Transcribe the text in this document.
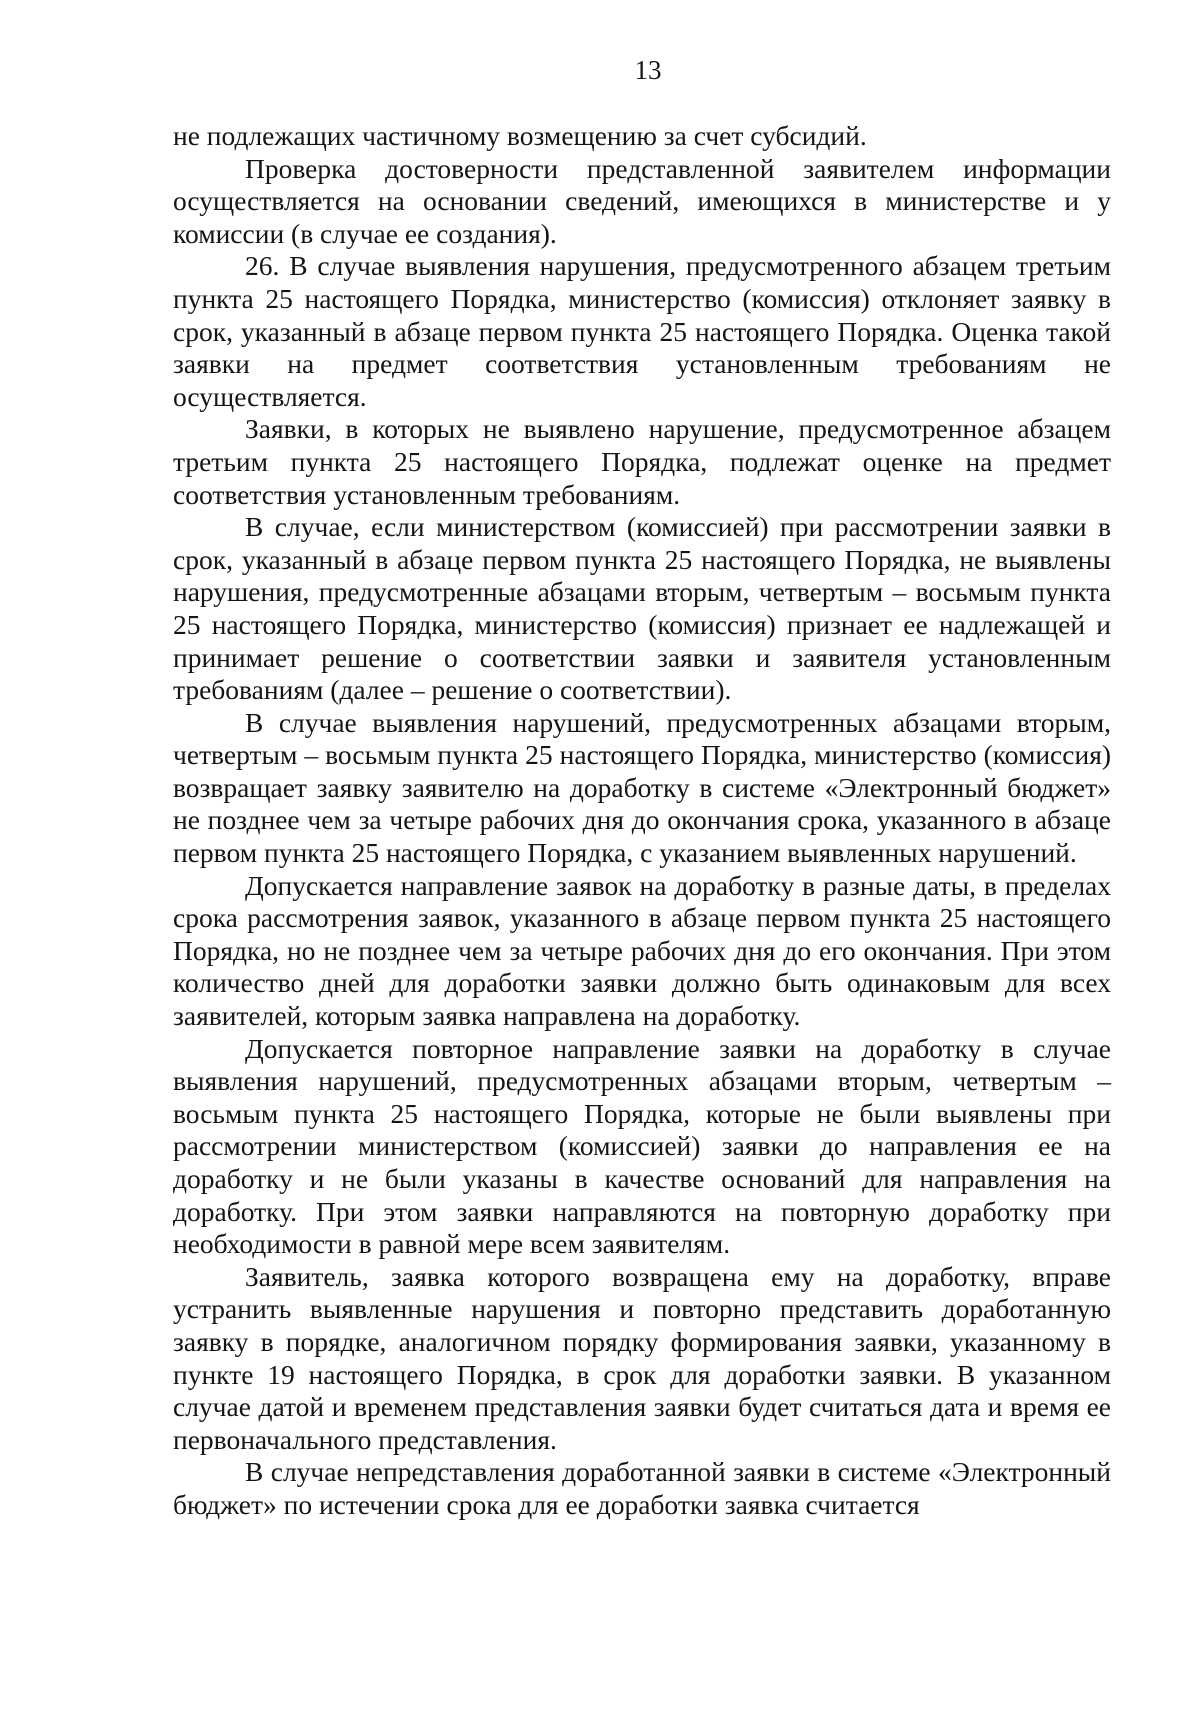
13

не подлежащих частичному возмещению за счет субсидий.

Проверка достоверности представленной заявителем информации осуществляется на основании сведений, имеющихся в министерстве и у комиссии (в случае ее создания).

26. В случае выявления нарушения, предусмотренного абзацем третьим пункта 25 настоящего Порядка, министерство (комиссия) отклоняет заявку в срок, указанный в абзаце первом пункта 25 настоящего Порядка. Оценка такой заявки на предмет соответствия установленным требованиям не осуществляется.

Заявки, в которых не выявлено нарушение, предусмотренное абзацем третьим пункта 25 настоящего Порядка, подлежат оценке на предмет соответствия установленным требованиям.

В случае, если министерством (комиссией) при рассмотрении заявки в срок, указанный в абзаце первом пункта 25 настоящего Порядка, не выявлены нарушения, предусмотренные абзацами вторым, четвертым – восьмым пункта 25 настоящего Порядка, министерство (комиссия) признает ее надлежащей и принимает решение о соответствии заявки и заявителя установленным требованиям (далее – решение о соответствии).

В случае выявления нарушений, предусмотренных абзацами вторым, четвертым – восьмым пункта 25 настоящего Порядка, министерство (комиссия) возвращает заявку заявителю на доработку в системе «Электронный бюджет» не позднее чем за четыре рабочих дня до окончания срока, указанного в абзаце первом пункта 25 настоящего Порядка, с указанием выявленных нарушений.

Допускается направление заявок на доработку в разные даты, в пределах срока рассмотрения заявок, указанного в абзаце первом пункта 25 настоящего Порядка, но не позднее чем за четыре рабочих дня до его окончания. При этом количество дней для доработки заявки должно быть одинаковым для всех заявителей, которым заявка направлена на доработку.

Допускается повторное направление заявки на доработку в случае выявления нарушений, предусмотренных абзацами вторым, четвертым – восьмым пункта 25 настоящего Порядка, которые не были выявлены при рассмотрении министерством (комиссией) заявки до направления ее на доработку и не были указаны в качестве оснований для направления на доработку. При этом заявки направляются на повторную доработку при необходимости в равной мере всем заявителям.

Заявитель, заявка которого возвращена ему на доработку, вправе устранить выявленные нарушения и повторно представить доработанную заявку в порядке, аналогичном порядку формирования заявки, указанному в пункте 19 настоящего Порядка, в срок для доработки заявки. В указанном случае датой и временем представления заявки будет считаться дата и время ее первоначального представления.

В случае непредставления доработанной заявки в системе «Электронный бюджет» по истечении срока для ее доработки заявка считается
